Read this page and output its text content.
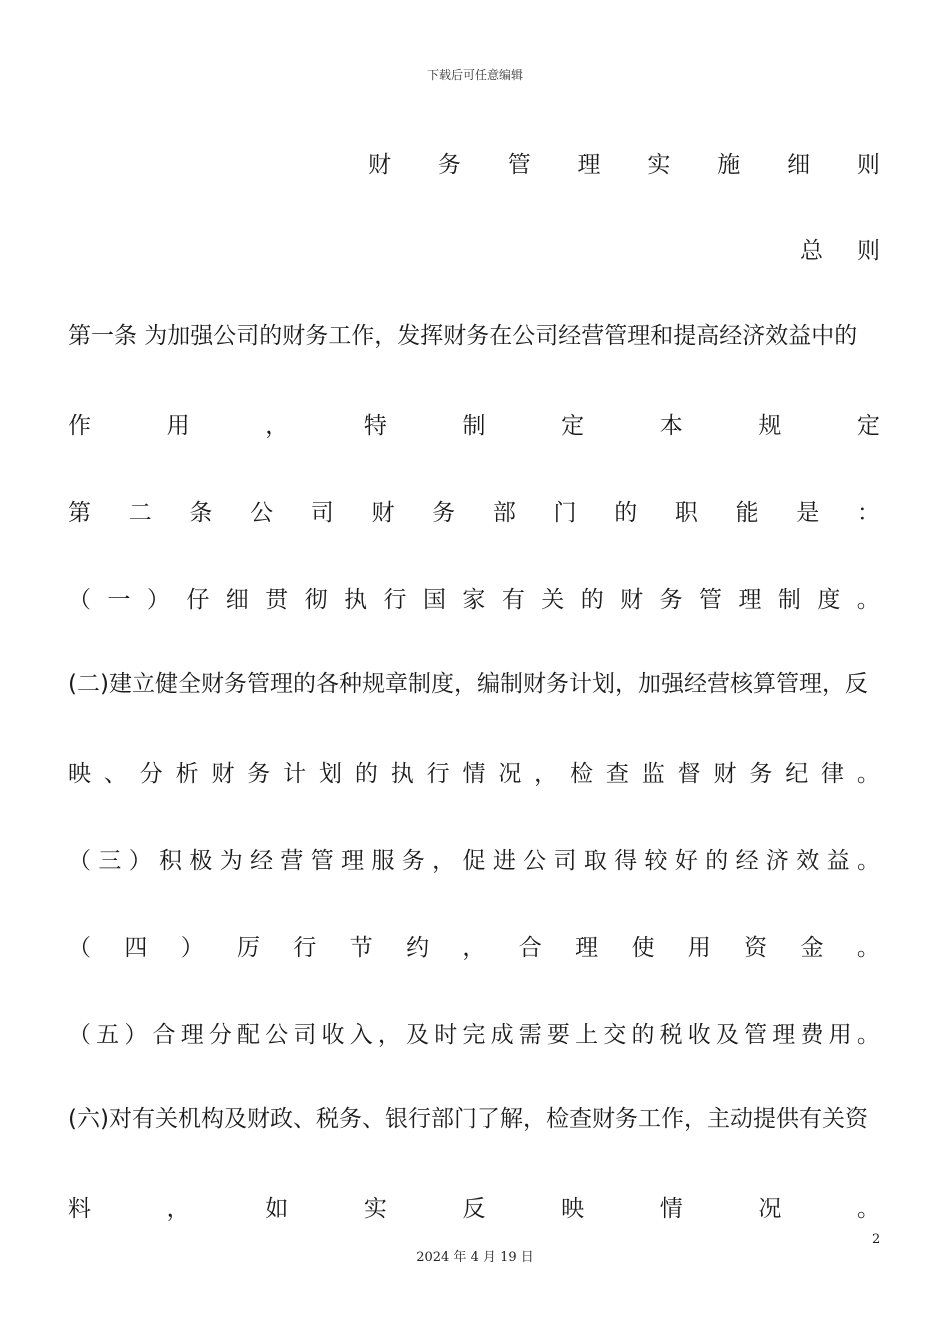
下载后可任意编辑
财 务 管 理 实 施 细 则
总 则
第一条 为加强公司的财务工作，发挥财务在公司经营管理和提高经济效益中的
作	用	，	特	制	定	本	规	定
第 二 条 公 司 财 务 部 门 的 职 能 是 ：
（ 一 ） 仔 细 贯 彻 执 行 国 家 有 关 的 财 务 管 理 制 度 。
(二)建立健全财务管理的各种规章制度，编制财务计划，加强经营核算管理，反
映 、 分 析 财 务 计 划 的 执 行 情 况 ， 检 查 监 督 财 务 纪 律 。
（ 三 ） 积 极 为 经 营 管 理 服 务 ， 促 进 公 司 取 得 较 好 的 经 济 效 益 。
（ 四 ） 厉 行 节 约 ， 合 理 使 用 资 金 。
（ 五 ） 合 理 分 配 公 司 收 入 ， 及 时 完 成 需 要 上 交 的 税 收 及 管 理 费 用 。
(六)对有关机构及财政、税务、银行部门了解，检查财务工作，主动提供有关资
料	，	如	实	反	映	情	况	。
2
2024 年 4 月 19 日
